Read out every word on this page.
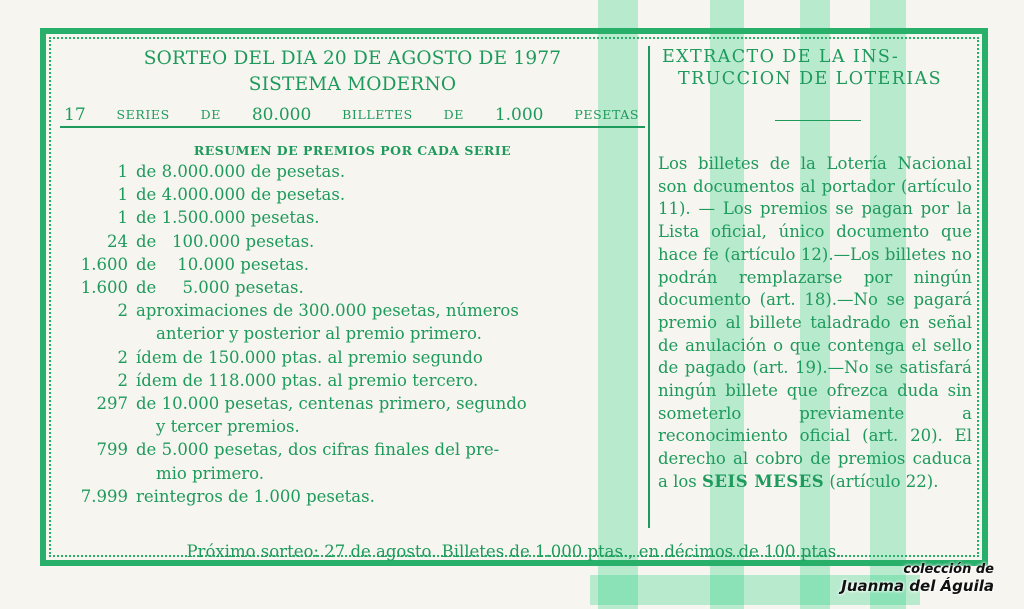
SORTEO DEL DIA 20 DE AGOSTO DE 1977
SISTEMA MODERNO
17 SERIES DE 80.000 BILLETES DE 1.000 PESETAS
RESUMEN DE PREMIOS POR CADA SERIE
1 de 8.000.000 de pesetas.
1 de 4.000.000 de pesetas.
1 de 1.500.000 pesetas.
24 de   100.000 pesetas.
1.600 de    10.000 pesetas.
1.600 de     5.000 pesetas.
2 aproximaciones de 300.000 pesetas, números
anterior y posterior al premio primero.
2 ídem de 150.000 ptas. al premio segundo
2 ídem de 118.000 ptas. al premio tercero.
297 de 10.000 pesetas, centenas primero, segundo
y tercer premios.
799 de 5.000 pesetas, dos cifras finales del pre-
mio primero.
7.999 reintegros de 1.000 pesetas.
EXTRACTO DE LA INS-
TRUCCION DE LOTERIAS
Los billetes de la Lotería Nacional son documentos al portador (artículo 11). — Los premios se pagan por la Lista oficial, único documento que hace fe (artículo 12).—Los billetes no podrán remplazarse por ningún documento (art. 18).—No se pagará premio al billete taladrado en señal de anulación o que contenga el sello de pagado (art. 19).—No se satisfará ningún billete que ofrezca duda sin someterlo previamente a reconocimiento oficial (art. 20). El derecho al cobro de premios caduca a los SEIS MESES (artículo 22).
Próximo sorteo: 27 de agosto. Billetes de 1.000 ptas., en décimos de 100 ptas.
colección de
Juanma del Águila
